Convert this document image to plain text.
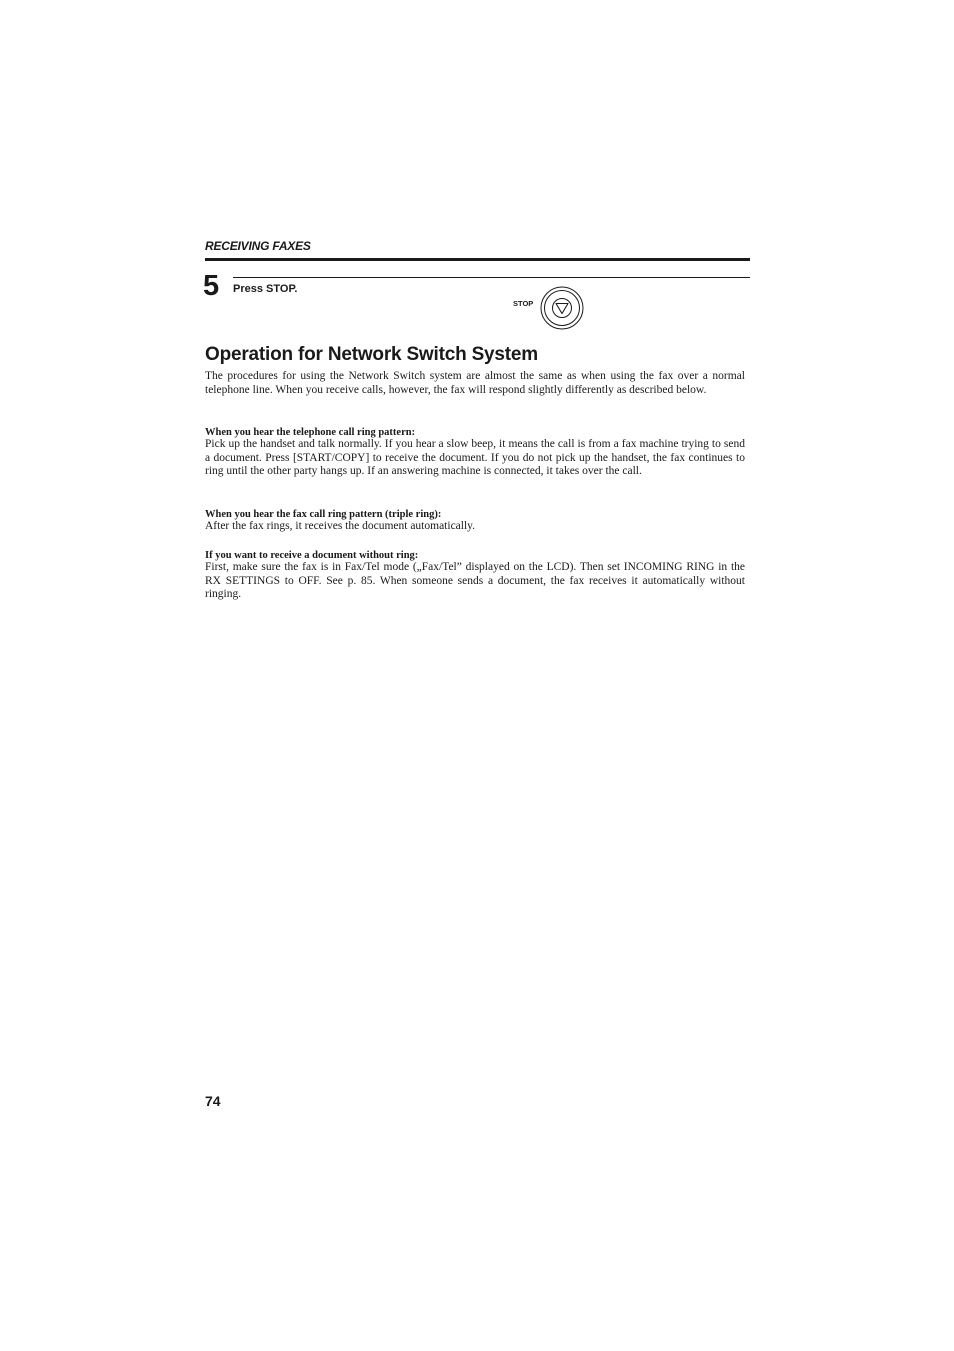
RECEIVING FAXES
5 Press STOP.
STOP
Operation for Network Switch System

The procedures for using the Network Switch system are almost the same as when using the fax over a normal telephone line. When you receive calls, however, the fax will respond slightly differently as described below.

When you hear the telephone call ring pattern:

Pick up the handset and talk normally. If you hear a slow beep, it means the call is from a fax machine trying to send a document. Press [START/COPY] to receive the document. If you do not pick up the handset, the fax continues to ring until the other party hangs up. If an answering machine is connected, it takes over the call.

When you hear the fax call ring pattern (triple ring):

After the fax rings, it receives the document automatically.

If you want to receive a document without ring:

First, make sure the fax is in Fax/Tel mode („Fax/Tel” displayed on the LCD). Then set INCOMING RING in the RX SETTINGS to OFF. See p. 85. When someone sends a document, the fax receives it automatically without ringing.

74
